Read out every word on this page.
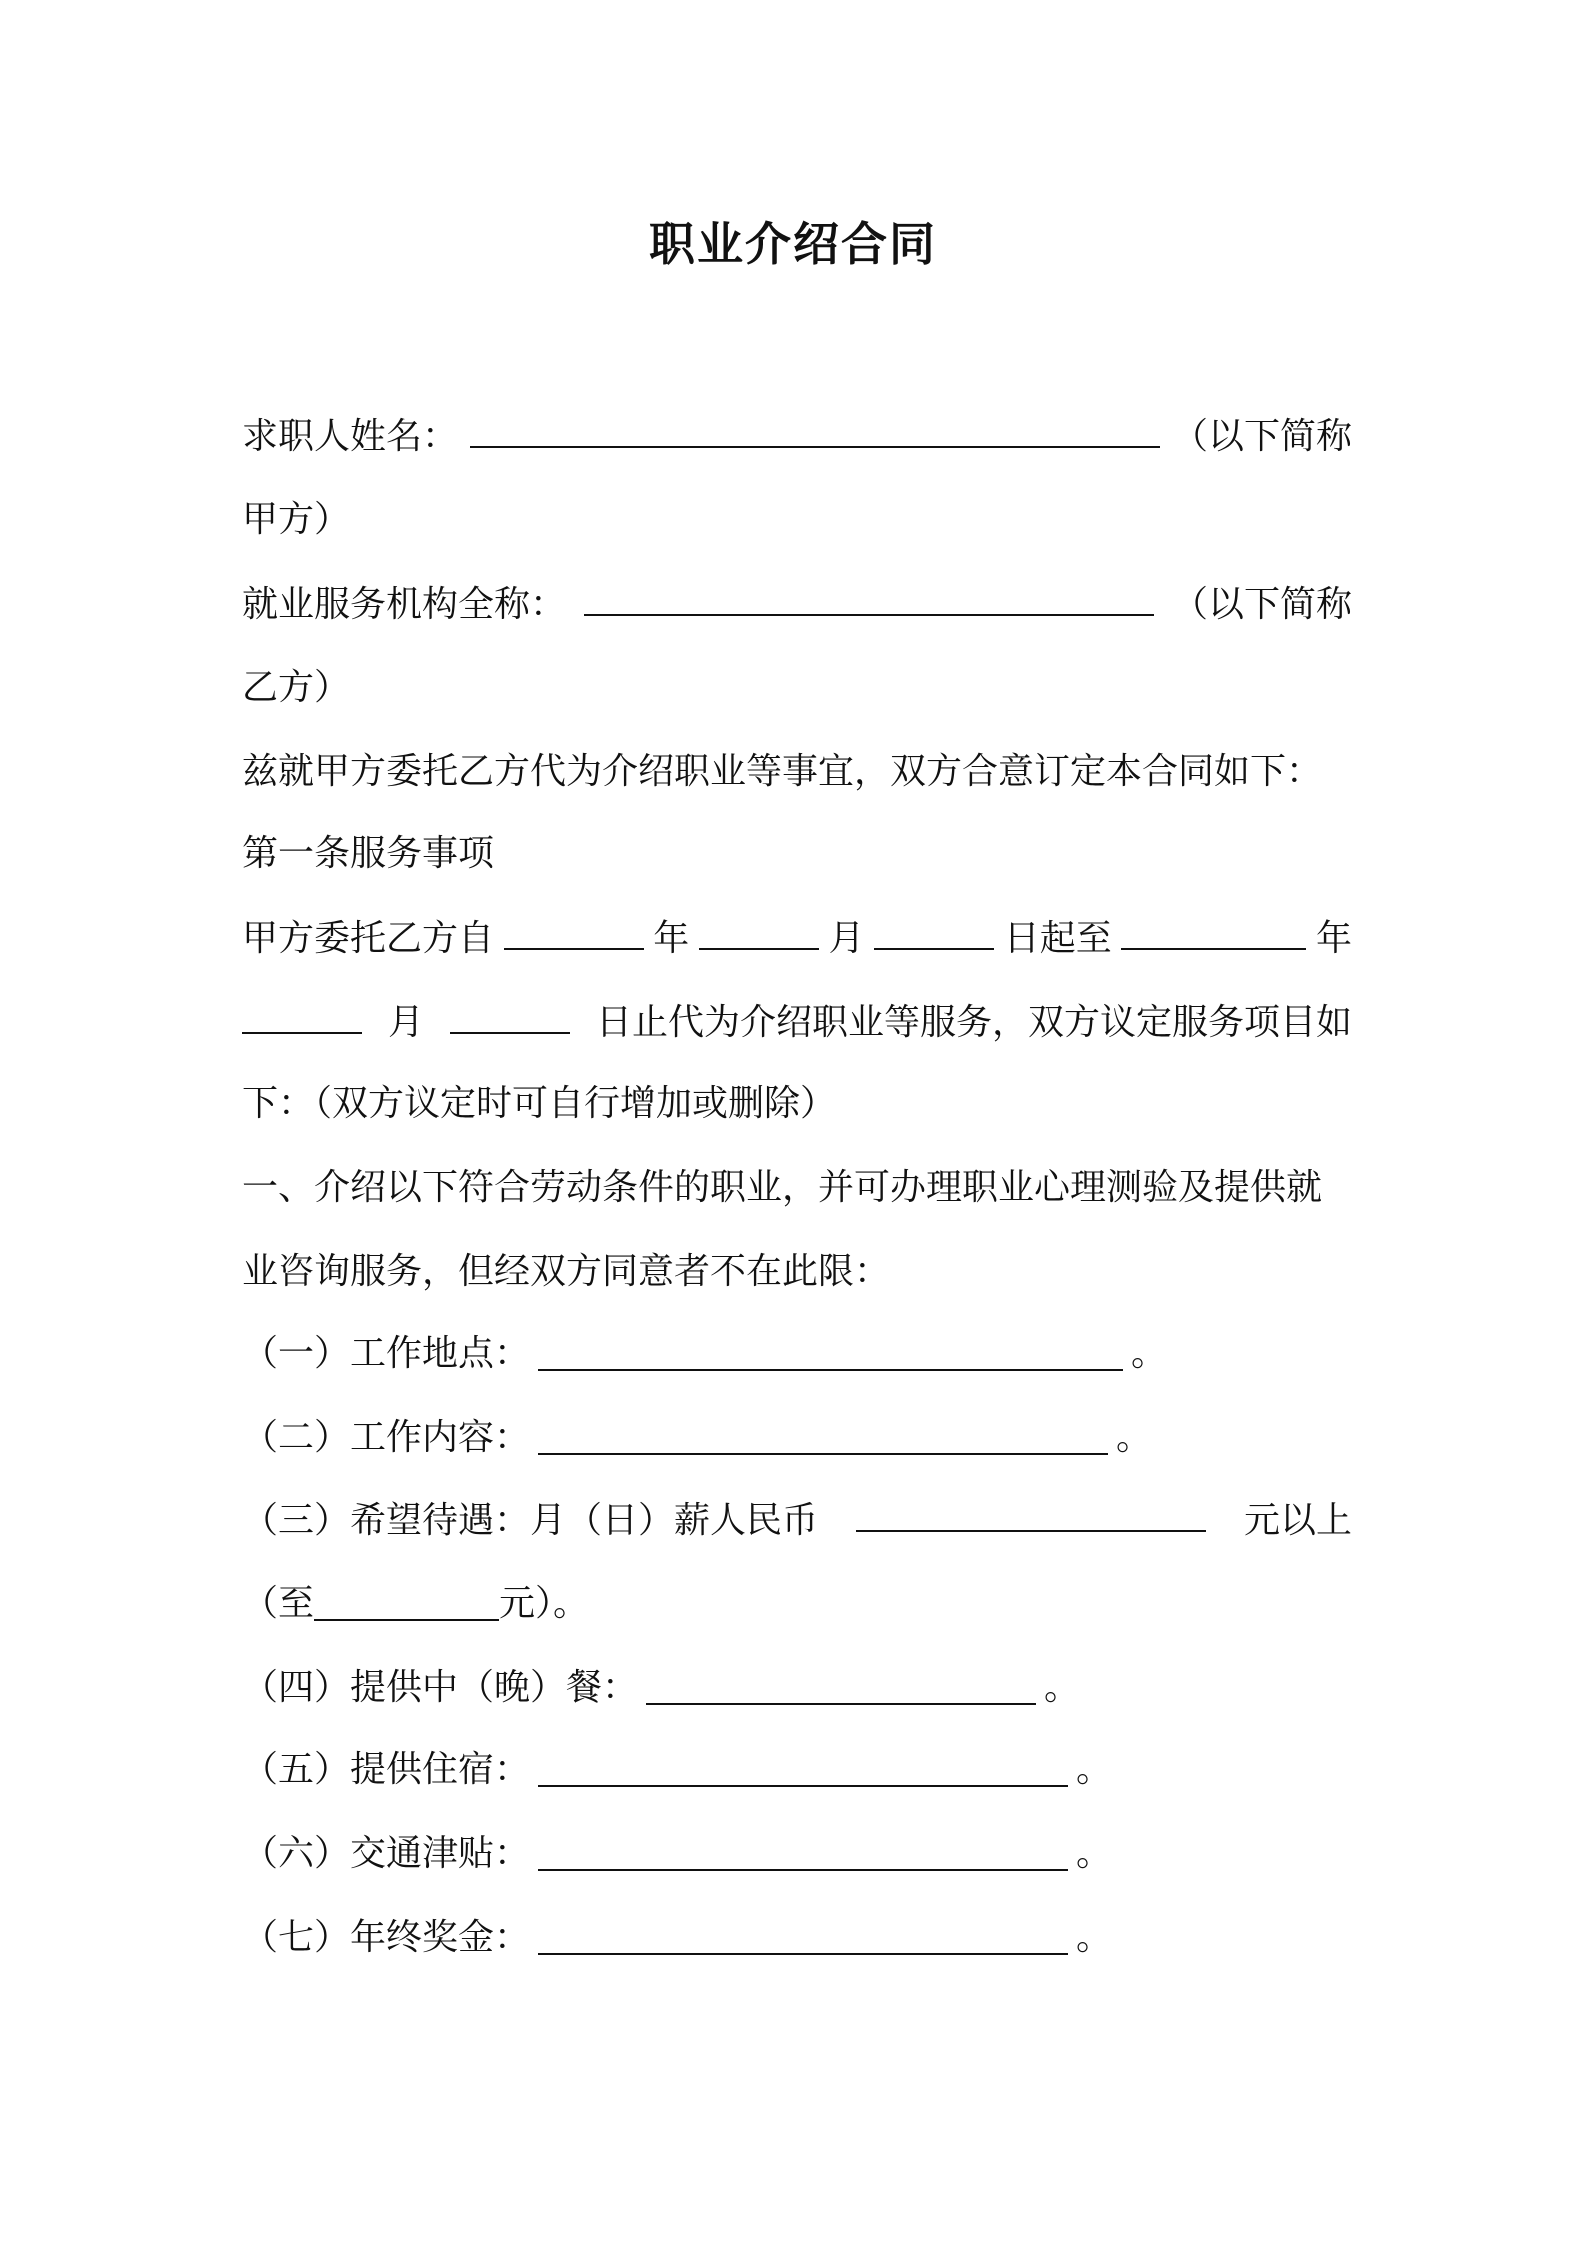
职业介绍合同
求职人姓名：	（以下简称
甲方）
就业服务机构全称：	（以下简称
乙方）
兹就甲方委托乙方代为介绍职业等事宜，双方合意订定本合同如下：
第一条服务事项
甲方委托乙方自	年	月	日起至	年
月	日止代为介绍职业等服务，双方议定服务项目如
下：（双方议定时可自行增加或删除）
一、介绍以下符合劳动条件的职业，并可办理职业心理测验及提供就
业咨询服务，但经双方同意者不在此限：
（一）工作地点：	。
（二）工作内容：	。
（三）希望待遇：月（日）薪人民币	元以上
（至	元）。
（四）提供中（晚）餐：	。
（五）提供住宿：	。
（六）交通津贴：	。
（七）年终奖金：	。
